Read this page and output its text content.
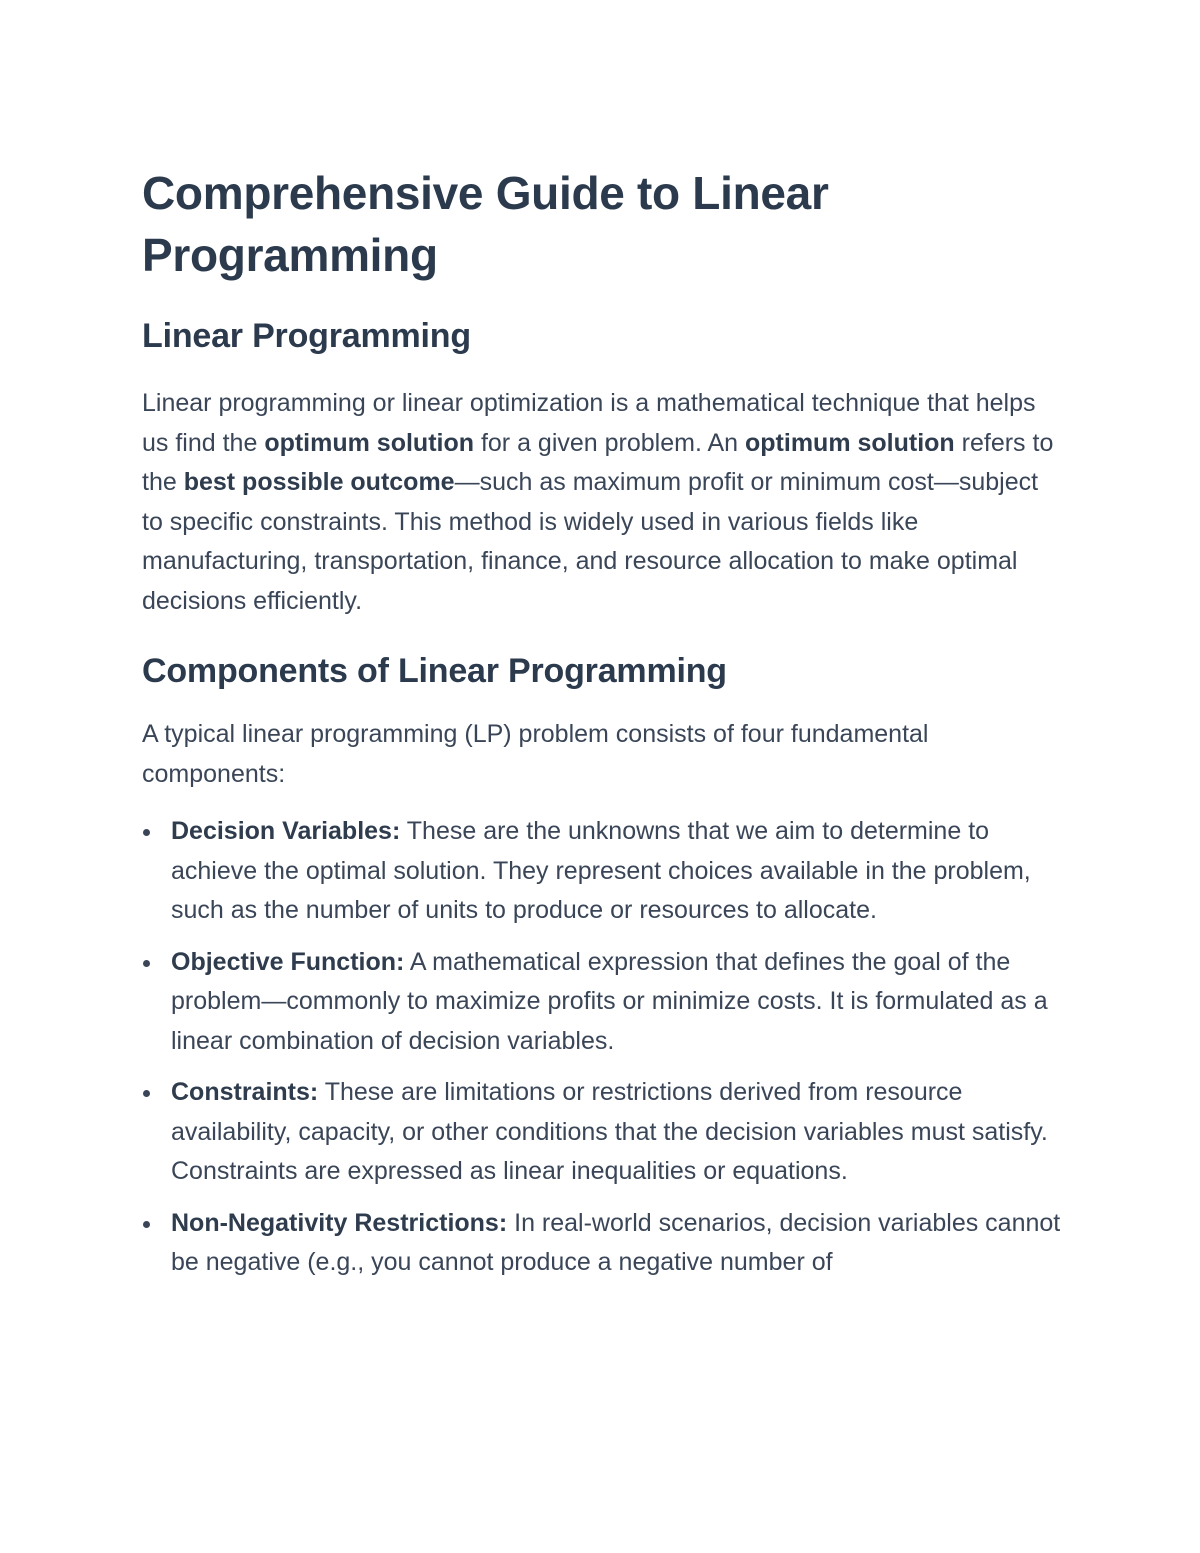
Comprehensive Guide to Linear Programming
Linear Programming

Linear programming or linear optimization is a mathematical technique that helps us find the optimum solution for a given problem. An optimum solution refers to the best possible outcome—such as maximum profit or minimum cost—subject to specific constraints. This method is widely used in various fields like manufacturing, transportation, finance, and resource allocation to make optimal decisions efficiently.

Components of Linear Programming

A typical linear programming (LP) problem consists of four fundamental components:

Decision Variables: These are the unknowns that we aim to determine to achieve the optimal solution. They represent choices available in the problem, such as the number of units to produce or resources to allocate.
Objective Function: A mathematical expression that defines the goal of the problem—commonly to maximize profits or minimize costs. It is formulated as a linear combination of decision variables.
Constraints: These are limitations or restrictions derived from resource availability, capacity, or other conditions that the decision variables must satisfy. Constraints are expressed as linear inequalities or equations.
Non-Negativity Restrictions: In real-world scenarios, decision variables cannot be negative (e.g., you cannot produce a negative number of
